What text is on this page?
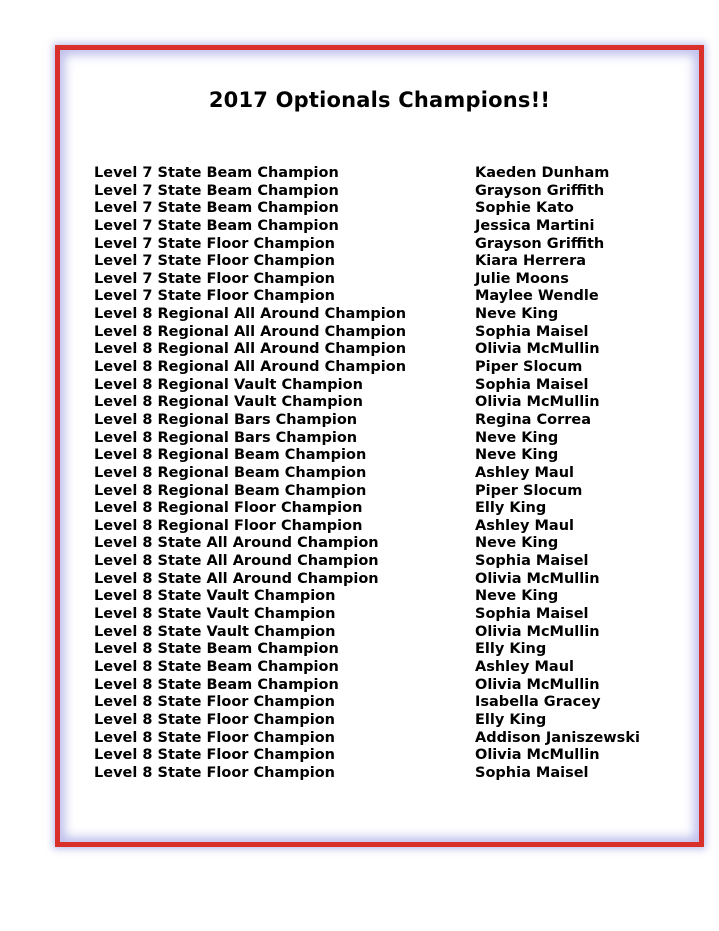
2017 Optionals Champions!!
Level 7 State Beam Champion	Kaeden Dunham
Level 7 State Beam Champion	Grayson Griffith
Level 7 State Beam Champion	Sophie Kato
Level 7 State Beam Champion	Jessica Martini
Level 7 State Floor Champion	Grayson Griffith
Level 7 State Floor Champion	Kiara Herrera
Level 7 State Floor Champion	Julie Moons
Level 7 State Floor Champion	Maylee Wendle
Level 8 Regional All Around Champion	Neve King
Level 8 Regional All Around Champion	Sophia Maisel
Level 8 Regional All Around Champion	Olivia McMullin
Level 8 Regional All Around Champion	Piper Slocum
Level 8 Regional Vault Champion	Sophia Maisel
Level 8 Regional Vault Champion	Olivia McMullin
Level 8 Regional Bars Champion	Regina Correa
Level 8 Regional Bars Champion	Neve King
Level 8 Regional Beam Champion	Neve King
Level 8 Regional Beam Champion	Ashley Maul
Level 8 Regional Beam Champion	Piper Slocum
Level 8 Regional Floor Champion	Elly King
Level 8 Regional Floor Champion	Ashley Maul
Level 8 State All Around Champion	Neve King
Level 8 State All Around Champion	Sophia Maisel
Level 8 State All Around Champion	Olivia McMullin
Level 8 State Vault Champion	Neve King
Level 8 State Vault Champion	Sophia Maisel
Level 8 State Vault Champion	Olivia McMullin
Level 8 State Beam Champion	Elly King
Level 8 State Beam Champion	Ashley Maul
Level 8 State Beam Champion	Olivia McMullin
Level 8 State Floor Champion	Isabella Gracey
Level 8 State Floor Champion	Elly King
Level 8 State Floor Champion	Addison Janiszewski
Level 8 State Floor Champion	Olivia McMullin
Level 8 State Floor Champion	Sophia Maisel
